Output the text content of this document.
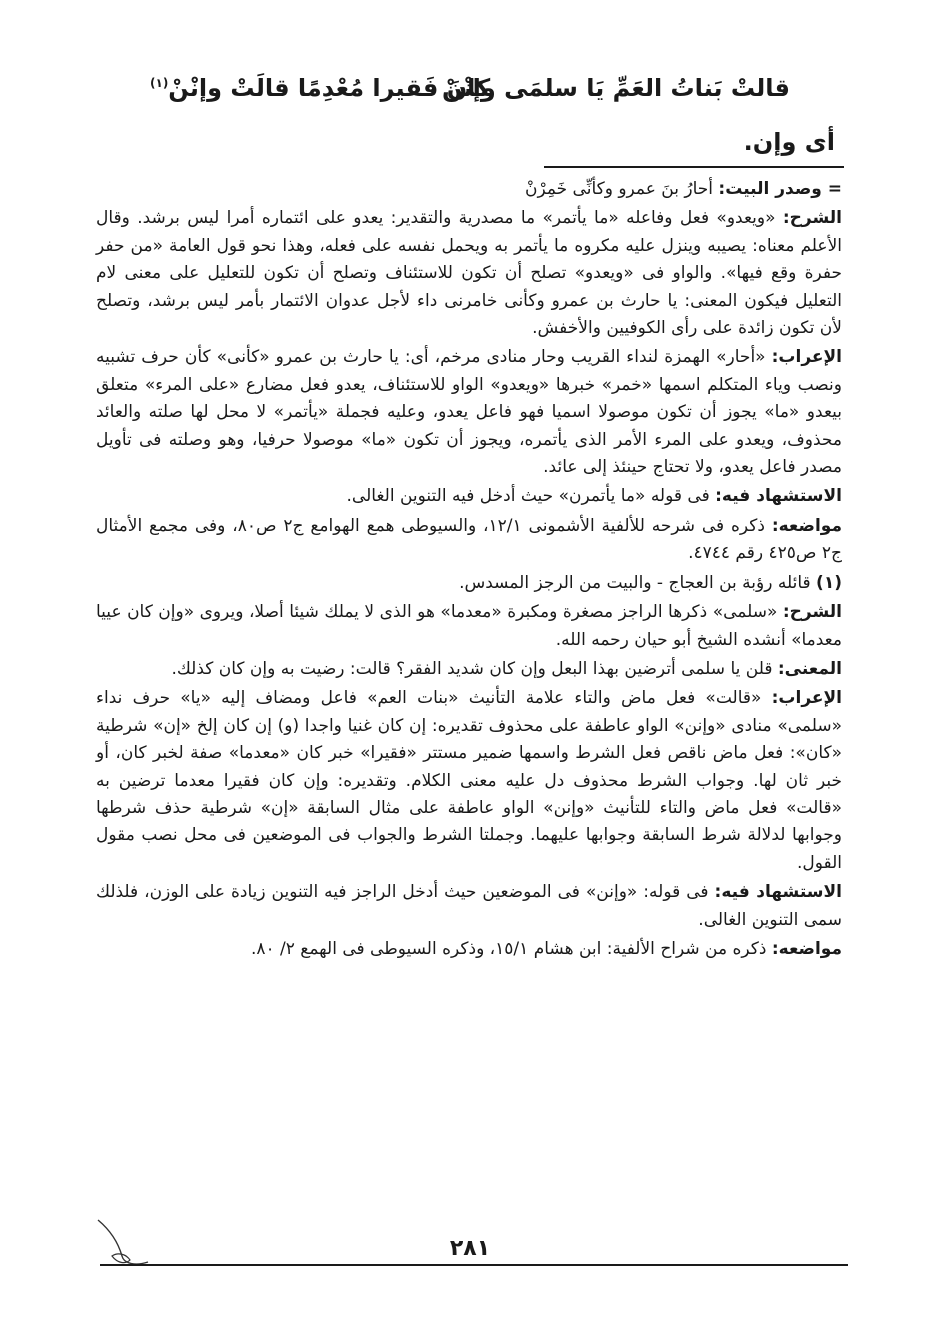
قالتْ بَناتُ العَمِّ يَا سلمَى وإنْنْ
كانَ فَقيرا مُعْدِمًا قالَتْ وإنْنْ$^{(١)}$
أى وإن.

= وصدر البيت: أحارُ بنَ عمرو وكأنِّى خَمِرْنْ

الشرح: «ويعدو» فعل وفاعله «ما يأتمر» ما مصدرية والتقدير: يعدو على ائتماره أمرا ليس برشد. وقال الأعلم معناه: يصيبه وينزل عليه مكروه ما يأتمر به ويحمل نفسه على فعله، وهذا نحو قول العامة «من حفر حفرة وقع فيها». والواو فى «ويعدو» تصلح أن تكون للاستئناف وتصلح أن تكون للتعليل على معنى لام التعليل فيكون المعنى: يا حارث بن عمرو وكأنى خامرنى داء لأجل عدوان الائتمار بأمر ليس برشد، وتصلح لأن تكون زائدة على رأى الكوفيين والأخفش.

الإعراب: «أحار» الهمزة لنداء القريب وحار منادى مرخم، أى: يا حارث بن عمرو «كأنى» كأن حرف تشبيه ونصب وياء المتكلم اسمها «خمر» خبرها «ويعدو» الواو للاستئناف، يعدو فعل مضارع «على المرء» متعلق بيعدو «ما» يجوز أن تكون موصولا اسميا فهو فاعل يعدو، وعليه فجملة «يأتمر» لا محل لها صلته والعائد محذوف، ويعدو على المرء الأمر الذى يأتمره، ويجوز أن تكون «ما» موصولا حرفيا، وهو وصلته فى تأويل مصدر فاعل يعدو، ولا تحتاج حينئذ إلى عائد.

الاستشهاد فيه: فى قوله «ما يأتمرن» حيث أدخل فيه التنوين الغالى.

مواضعه: ذكره فى شرحه للألفية الأشمونى ١٢/١، والسيوطى همع الهوامع ج٢ ص٨٠، وفى مجمع الأمثال ج٢ ص٤٢٥ رقم ٤٧٤٤.

(١) قائله رؤبة بن العجاج - والبيت من الرجز المسدس.

الشرح: «سلمى» ذكرها الراجز مصغرة ومكبرة «معدما» هو الذى لا يملك شيئا أصلا، ويروى «وإن كان عييا معدما» أنشده الشيخ أبو حيان رحمه الله.

المعنى: قلن يا سلمى أترضين بهذا البعل وإن كان شديد الفقر؟ قالت: رضيت به وإن كان كذلك.

الإعراب: «قالت» فعل ماض والتاء علامة التأنيث «بنات العم» فاعل ومضاف إليه «يا» حرف نداء «سلمى» منادى «وإنن» الواو عاطفة على محذوف تقديره: إن كان غنيا واجدا (و) إن كان إلخ «إن» شرطية «كان»: فعل ماض ناقص فعل الشرط واسمها ضمير مستتر «فقيرا» خبر كان «معدما» صفة لخبر كان، أو خبر ثان لها. وجواب الشرط محذوف دل عليه معنى الكلام. وتقديره: وإن كان فقيرا معدما ترضين به «قالت» فعل ماض والتاء للتأنيث «وإنن» الواو عاطفة على مثال السابقة «إن» شرطية حذف شرطها وجوابها لدلالة شرط السابقة وجوابها عليهما. وجملتا الشرط والجواب فى الموضعين فى محل نصب مقول القول.

الاستشهاد فيه: فى قوله: «وإنن» فى الموضعين حيث أدخل الراجز فيه التنوين زيادة على الوزن، فلذلك سمى التنوين الغالى.

مواضعه: ذكره من شراح الألفية: ابن هشام ١٥/١، وذكره السيوطى فى الهمع ٢/ ٨٠.

٢٨١
